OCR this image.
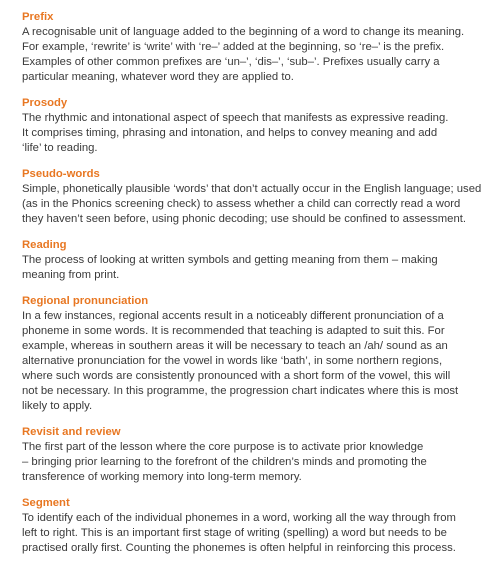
Prefix

A recognisable unit of language added to the beginning of a word to change its meaning.
For example, ‘rewrite’ is ‘write’ with ‘re–’ added at the beginning, so ‘re–’ is the prefix.
Examples of other common prefixes are ‘un–’, ‘dis–’, ‘sub–’. Prefixes usually carry a
particular meaning, whatever word they are applied to.

Prosody

The rhythmic and intonational aspect of speech that manifests as expressive reading.
It comprises timing, phrasing and intonation, and helps to convey meaning and add
‘life’ to reading.

Pseudo-words

Simple, phonetically plausible ‘words’ that don’t actually occur in the English language; used
(as in the Phonics screening check) to assess whether a child can correctly read a word
they haven’t seen before, using phonic decoding; use should be confined to assessment.

Reading

The process of looking at written symbols and getting meaning from them – making
meaning from print.

Regional pronunciation

In a few instances, regional accents result in a noticeably different pronunciation of a
phoneme in some words. It is recommended that teaching is adapted to suit this. For
example, whereas in southern areas it will be necessary to teach an /ah/ sound as an
alternative pronunciation for the vowel in words like ‘bath’, in some northern regions,
where such words are consistently pronounced with a short form of the vowel, this will
not be necessary. In this programme, the progression chart indicates where this is most
likely to apply.

Revisit and review

The first part of the lesson where the core purpose is to activate prior knowledge
– bringing prior learning to the forefront of the children’s minds and promoting the
transference of working memory into long-term memory.

Segment

To identify each of the individual phonemes in a word, working all the way through from
left to right. This is an important first stage of writing (spelling) a word but needs to be
practised orally first. Counting the phonemes is often helpful in reinforcing this process.
